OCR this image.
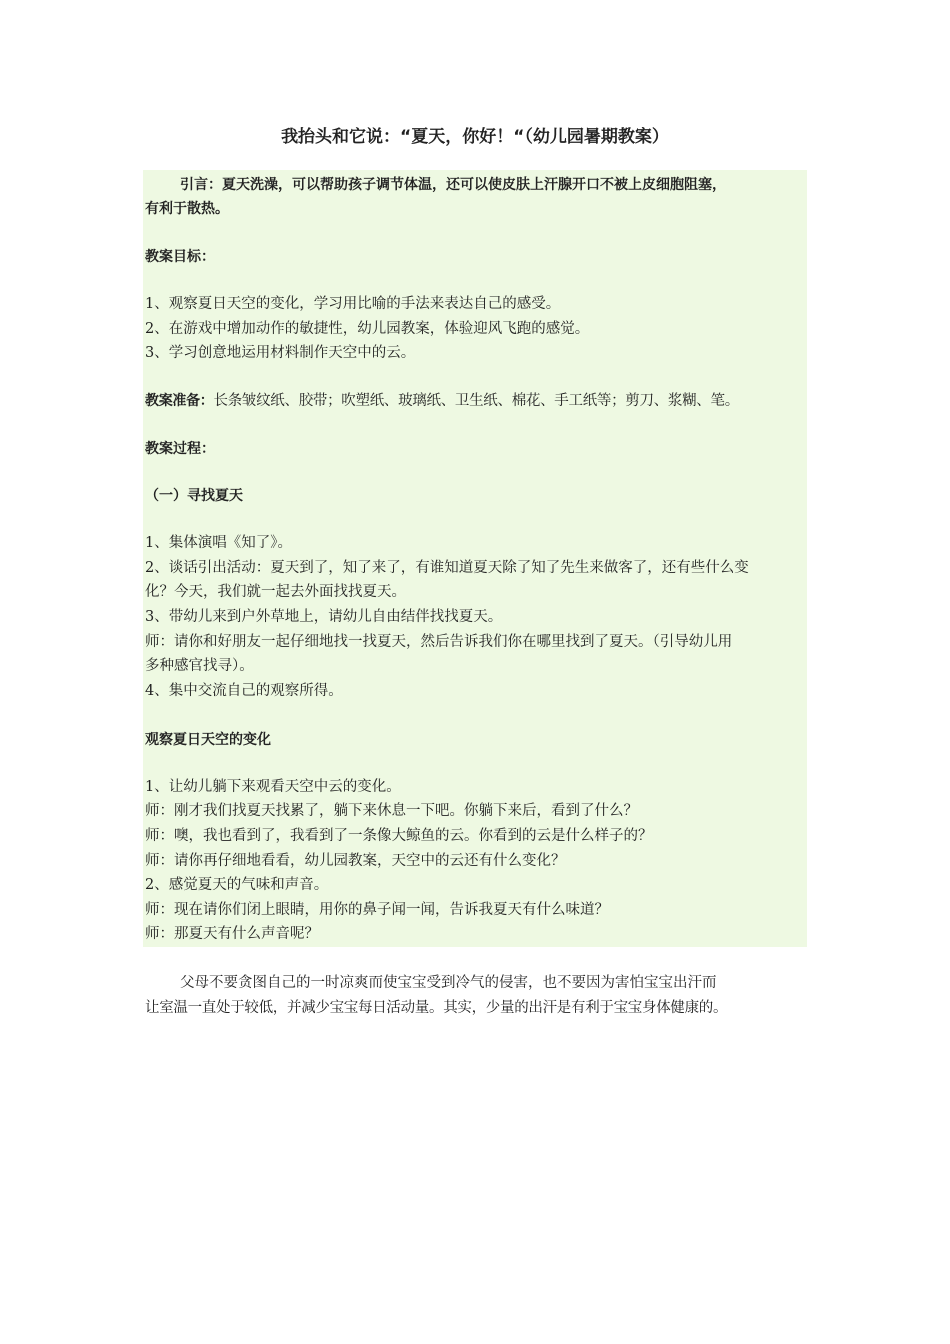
我抬头和它说：“夏天，你好！“（幼儿园暑期教案）
引言：夏天洗澡，可以帮助孩子调节体温，还可以使皮肤上汗腺开口不被上皮细胞阻塞，
有利于散热。
教案目标：
1、观察夏日天空的变化，学习用比喻的手法来表达自己的感受。
2、在游戏中增加动作的敏捷性，幼儿园教案，体验迎风飞跑的感觉。
3、学习创意地运用材料制作天空中的云。
教案准备：长条皱纹纸、胶带；吹塑纸、玻璃纸、卫生纸、棉花、手工纸等；剪刀、浆糊、笔。
教案过程：
（一）寻找夏天
1、集体演唱《知了》。
2、谈话引出活动：夏天到了，知了来了，有谁知道夏天除了知了先生来做客了，还有些什么变
化？今天，我们就一起去外面找找夏天。
3、带幼儿来到户外草地上，请幼儿自由结伴找找夏天。
师：请你和好朋友一起仔细地找一找夏天，然后告诉我们你在哪里找到了夏天。（引导幼儿用
多种感官找寻）。
4、集中交流自己的观察所得。
观察夏日天空的变化
1、让幼儿躺下来观看天空中云的变化。
师：刚才我们找夏天找累了，躺下来休息一下吧。你躺下来后，看到了什么？
师：噢，我也看到了，我看到了一条像大鲸鱼的云。你看到的云是什么样子的？
师：请你再仔细地看看，幼儿园教案，天空中的云还有什么变化？
2、感觉夏天的气味和声音。
师：现在请你们闭上眼睛，用你的鼻子闻一闻，告诉我夏天有什么味道？
师：那夏天有什么声音呢？
父母不要贪图自己的一时凉爽而使宝宝受到冷气的侵害，也不要因为害怕宝宝出汗而
让室温一直处于较低，并减少宝宝每日活动量。其实，少量的出汗是有利于宝宝身体健康的。
